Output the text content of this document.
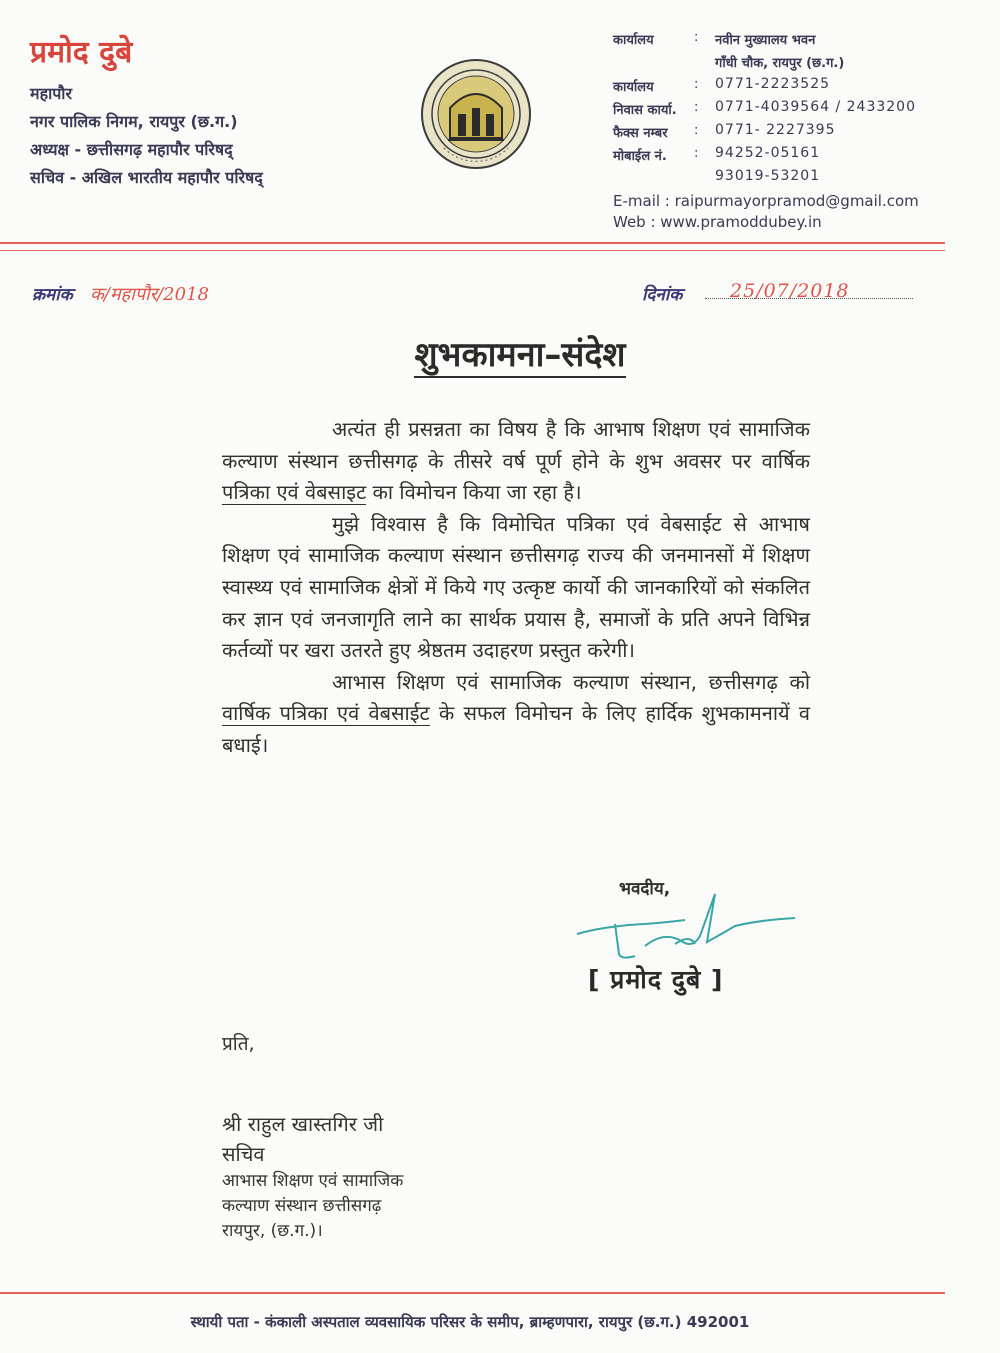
प्रमोद दुबे
महापौर
नगर पालिक निगम, रायपुर (छ.ग.)
अध्यक्ष - छत्तीसगढ़ महापौर परिषद्
सचिव - अखिल भारतीय महापौर परिषद्
कार्यालय	: नवीन मुख्यालय भवन
गाँधी चौक, रायपुर (छ.ग.)
कार्यालय	: 0771-2223525
निवास कार्या. : 0771-4039564 / 2433200
फैक्स नम्बर : 0771- 2227395
मोबाईल नं. : 94252-05161
93019-53201
E-mail : raipurmayorpramod@gmail.com
Web : www.pramoddubey.in
क्रमांक क/महापौर/2018	दिनांक	25/07/2018
शुभकामना–संदेश

अत्यंत ही प्रसन्नता का विषय है कि आभाष शिक्षण एवं सामाजिक कल्याण संस्थान छत्तीसगढ़ के तीसरे वर्ष पूर्ण होने के शुभ अवसर पर वार्षिक पत्रिका एवं वेबसाइट का विमोचन किया जा रहा है।

मुझे विश्वास है कि विमोचित पत्रिका एवं वेबसाईट से आभाष शिक्षण एवं सामाजिक कल्याण संस्थान छत्तीसगढ़ राज्य की जनमानसों में शिक्षण स्वास्थ्य एवं सामाजिक क्षेत्रों में किये गए उत्कृष्ट कार्यो की जानकारियों को संकलित कर ज्ञान एवं जनजागृति लाने का सार्थक प्रयास है, समाजों के प्रति अपने विभिन्न कर्तव्यों पर खरा उतरते हुए श्रेष्ठतम उदाहरण प्रस्तुत करेगी।

आभास शिक्षण एवं सामाजिक कल्याण संस्थान, छत्तीसगढ़ को वार्षिक पत्रिका एवं वेबसाईट के सफल विमोचन के लिए हार्दिक शुभकामनायें व बधाई।

भवदीय,
[ प्रमोद दुबे ]
प्रति,
श्री राहुल खास्तगिर जी
सचिव
आभास शिक्षण एवं सामाजिक
कल्याण संस्थान छत्तीसगढ़
रायपुर, (छ.ग.)।
स्थायी पता - कंकाली अस्पताल व्यवसायिक परिसर के समीप, ब्राम्हणपारा, रायपुर (छ.ग.) 492001
